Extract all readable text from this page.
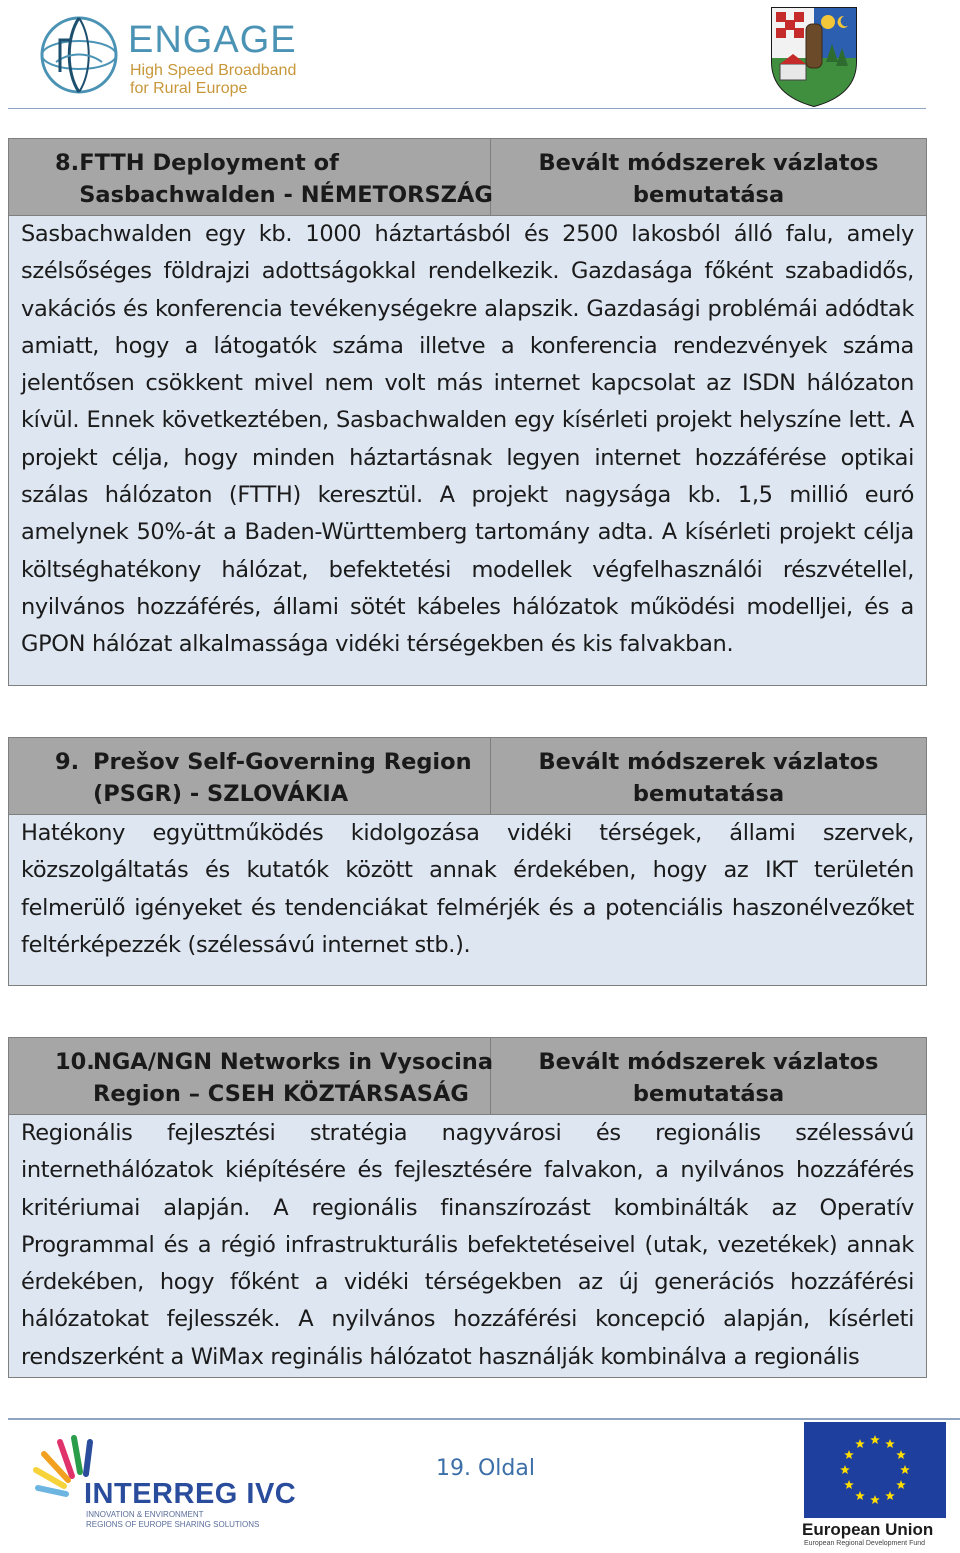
ENGAGE
High Speed Broadband
for Rural Europe
8. FTTH Deployment of
Sasbachwalden - NÉMETORSZÁG
Bevált módszerek vázlatos
bemutatása
Sasbachwalden egy kb. 1000 háztartásból és 2500 lakosból álló falu, amely szélsőséges földrajzi adottságokkal rendelkezik. Gazdasága főként szabadidős, vakációs és konferencia tevékenységekre alapszik. Gazdasági problémái adódtak amiatt, hogy a látogatók száma illetve a konferencia rendezvények száma jelentősen csökkent mivel nem volt más internet kapcsolat az ISDN hálózaton kívül. Ennek következtében, Sasbachwalden egy kísérleti projekt helyszíne lett. A projekt célja, hogy minden háztartásnak legyen internet hozzáférése optikai szálas hálózaton (FTTH) keresztül. A projekt nagysága kb. 1,5 millió euró amelynek 50%-át a Baden-Württemberg tartomány adta. A kísérleti projekt célja költséghatékony hálózat, befektetési modellek végfelhasználói részvétellel, nyilvános hozzáférés, állami sötét kábeles hálózatok működési modelljei, és a GPON hálózat alkalmassága vidéki térségekben és kis falvakban.
9. Prešov Self-Governing Region
(PSGR) - SZLOVÁKIA
Bevált módszerek vázlatos
bemutatása
Hatékony együttműködés kidolgozása vidéki térségek, állami szervek, közszolgáltatás és kutatók között annak érdekében, hogy az IKT területén felmerülő igényeket és tendenciákat felmérjék és a potenciális haszonélvezőket feltérképezzék (szélessávú internet stb.).
10.
NGA/NGN Networks in Vysocina
Region – CSEH KÖZTÁRSASÁG
Bevált módszerek vázlatos
bemutatása
Regionális fejlesztési stratégia nagyvárosi és regionális szélessávú internethálózatok kiépítésére és fejlesztésére falvakon, a nyilvános hozzáférés kritériumai alapján. A regionális finanszírozást kombinálták az Operatív Programmal és a régió infrastrukturális befektetéseivel (utak, vezetékek) annak érdekében, hogy főként a vidéki térségekben az új generációs hozzáférési hálózatokat fejlesszék. A nyilvános hozzáférési koncepció alapján, kísérleti rendszerként a WiMax reginális hálózatot használják kombinálva a regionális
INTERREG IVC
INNOVATION & ENVIRONMENT
REGIONS OF EUROPE SHARING SOLUTIONS
19. Oldal
European Union
European Regional Development Fund
